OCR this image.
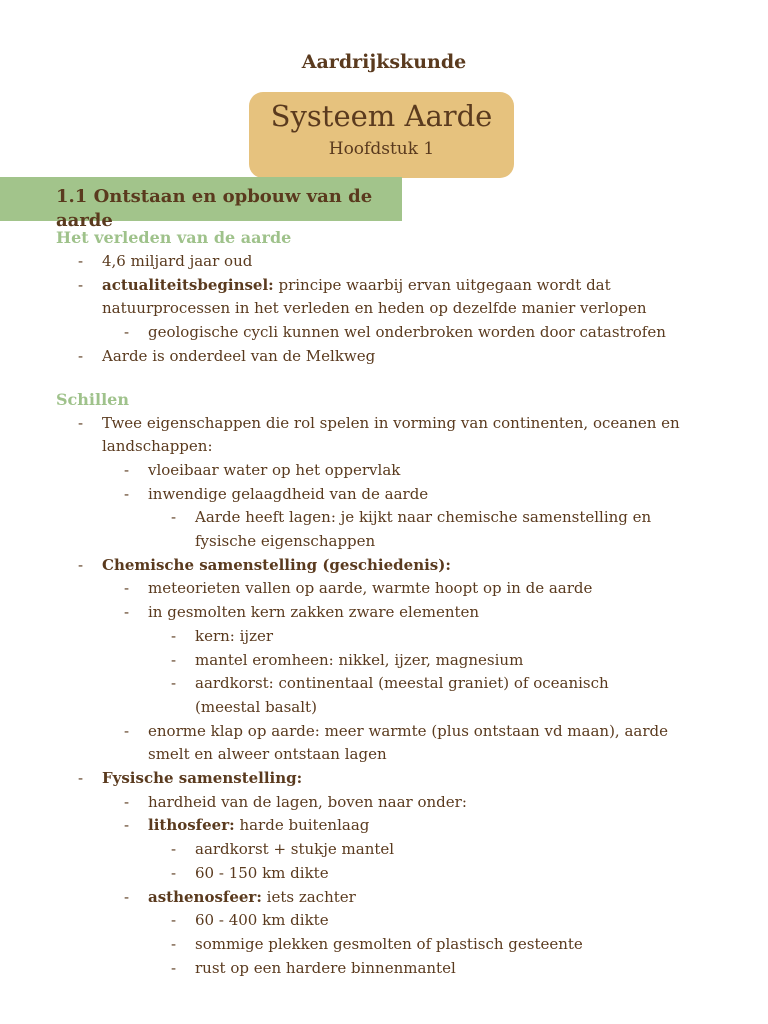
Aardrijkskunde
Systeem Aarde
Hoofdstuk 1
1.1 Ontstaan en opbouw van de aarde
Het verleden van de aarde
- 4,6 miljard jaar oud
- actualiteitsbeginsel: principe waarbij ervan uitgegaan wordt dat natuurprocessen in het verleden en heden op dezelfde manier verlopen
- geologische cycli kunnen wel onderbroken worden door catastrofen
- Aarde is onderdeel van de Melkweg
Schillen
- Twee eigenschappen die rol spelen in vorming van continenten, oceanen en landschappen:
- vloeibaar water op het oppervlak
- inwendige gelaagdheid van de aarde
- Aarde heeft lagen: je kijkt naar chemische samenstelling en fysische eigenschappen
- Chemische samenstelling (geschiedenis):
- meteorieten vallen op aarde, warmte hoopt op in de aarde
- in gesmolten kern zakken zware elementen
- kern: ijzer
- mantel eromheen: nikkel, ijzer, magnesium
- aardkorst: continentaal (meestal graniet) of oceanisch (meestal basalt)
- enorme klap op aarde: meer warmte (plus ontstaan vd maan), aarde smelt en alweer ontstaan lagen
- Fysische samenstelling:
- hardheid van de lagen, boven naar onder:
- lithosfeer: harde buitenlaag
- aardkorst + stukje mantel
- 60 - 150 km dikte
- asthenosfeer: iets zachter
- 60 - 400 km dikte
- sommige plekken gesmolten of plastisch gesteente
- rust op een hardere binnenmantel
